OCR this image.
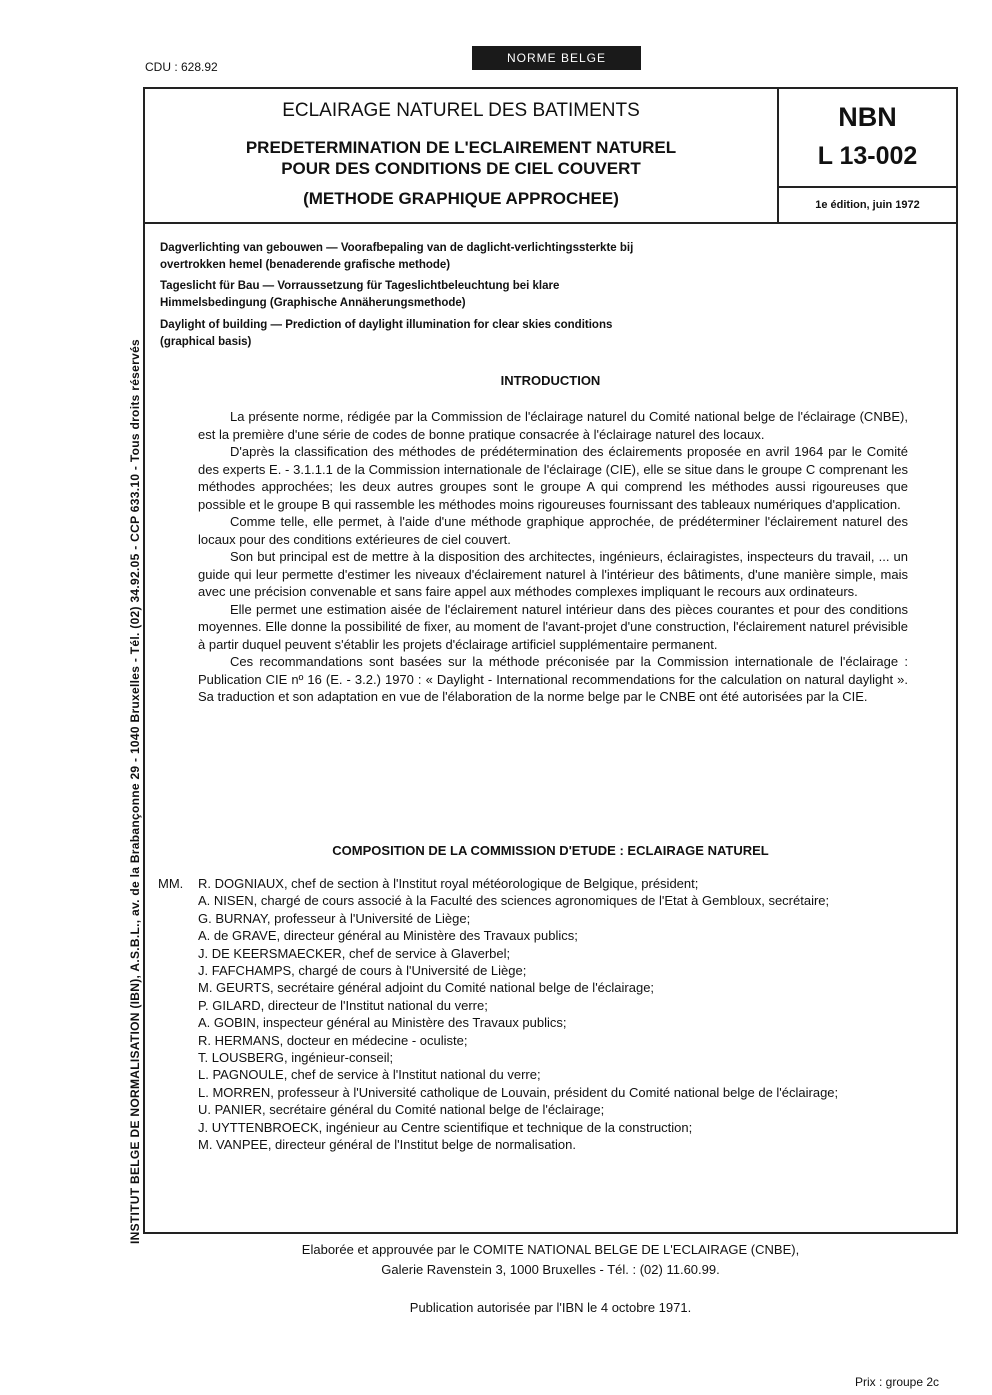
CDU : 628.92
NORME BELGE
ECLAIRAGE NATUREL DES BATIMENTS
PREDETERMINATION DE L'ECLAIREMENT NATUREL
POUR DES CONDITIONS DE CIEL COUVERT
(METHODE GRAPHIQUE APPROCHEE)
NBN
L 13-002
1e édition, juin 1972
Dagverlichting van gebouwen — Voorafbepaling van de daglicht-verlichtingssterkte bij
overtrokken hemel (benaderende grafische methode)
Tageslicht für Bau — Vorraussetzung für Tageslichtbeleuchtung bei klare
Himmelsbedingung (Graphische Annäherungsmethode)
Daylight of building — Prediction of daylight illumination for clear skies conditions
(graphical basis)
INTRODUCTION

La présente norme, rédigée par la Commission de l'éclairage naturel du Comité national belge de l'éclairage (CNBE), est la première d'une série de codes de bonne pratique consacrée à l'éclairage naturel des locaux.

D'après la classification des méthodes de prédétermination des éclairements proposée en avril 1964 par le Comité des experts E. - 3.1.1.1 de la Commission internationale de l'éclairage (CIE), elle se situe dans le groupe C comprenant les méthodes approchées; les deux autres groupes sont le groupe A qui comprend les méthodes aussi rigoureuses que possible et le groupe B qui rassemble les méthodes moins rigoureuses fournissant des tableaux numériques d'application.

Comme telle, elle permet, à l'aide d'une méthode graphique approchée, de prédéterminer l'éclairement naturel des locaux pour des conditions extérieures de ciel couvert.

Son but principal est de mettre à la disposition des architectes, ingénieurs, éclairagistes, inspecteurs du travail, ... un guide qui leur permette d'estimer les niveaux d'éclairement naturel à l'intérieur des bâtiments, d'une manière simple, mais avec une précision convenable et sans faire appel aux méthodes complexes impliquant le recours aux ordinateurs.

Elle permet une estimation aisée de l'éclairement naturel intérieur dans des pièces courantes et pour des conditions moyennes. Elle donne la possibilité de fixer, au moment de l'avant-projet d'une construction, l'éclairement naturel prévisible à partir duquel peuvent s'établir les projets d'éclairage artificiel supplémentaire permanent.

Ces recommandations sont basées sur la méthode préconisée par la Commission internationale de l'éclairage : Publication CIE nº 16 (E. - 3.2.) 1970 : « Daylight - International recommendations for the calculation on natural daylight ». Sa traduction et son adaptation en vue de l'élaboration de la norme belge par le CNBE ont été autorisées par la CIE.

COMPOSITION DE LA COMMISSION D'ETUDE : ECLAIRAGE NATUREL
MM. R. DOGNIAUX, chef de section à l'Institut royal météorologique de Belgique, président;
A. NISEN, chargé de cours associé à la Faculté des sciences agronomiques de l'Etat à Gembloux, secrétaire;
G. BURNAY, professeur à l'Université de Liège;
A. de GRAVE, directeur général au Ministère des Travaux publics;
J. DE KEERSMAECKER, chef de service à Glaverbel;
J. FAFCHAMPS, chargé de cours à l'Université de Liège;
M. GEURTS, secrétaire général adjoint du Comité national belge de l'éclairage;
P. GILARD, directeur de l'Institut national du verre;
A. GOBIN, inspecteur général au Ministère des Travaux publics;
R. HERMANS, docteur en médecine - oculiste;
T. LOUSBERG, ingénieur-conseil;
L. PAGNOULE, chef de service à l'Institut national du verre;
L. MORREN, professeur à l'Université catholique de Louvain, président du Comité national belge de l'éclairage;
U. PANIER, secrétaire général du Comité national belge de l'éclairage;
J. UYTTENBROECK, ingénieur au Centre scientifique et technique de la construction;
M. VANPEE, directeur général de l'Institut belge de normalisation.
Elaborée et approuvée par le COMITE NATIONAL BELGE DE L'ECLAIRAGE (CNBE),
Galerie Ravenstein 3, 1000 Bruxelles - Tél. : (02) 11.60.99.
Publication autorisée par l'IBN le 4 octobre 1971.
Prix : groupe 2c
INSTITUT BELGE DE NORMALISATION (IBN), A.S.B.L., av. de la Brabançonne 29 - 1040 Bruxelles - Tél. (02) 34.92.05 - CCP 633.10 - Tous droits réservés
